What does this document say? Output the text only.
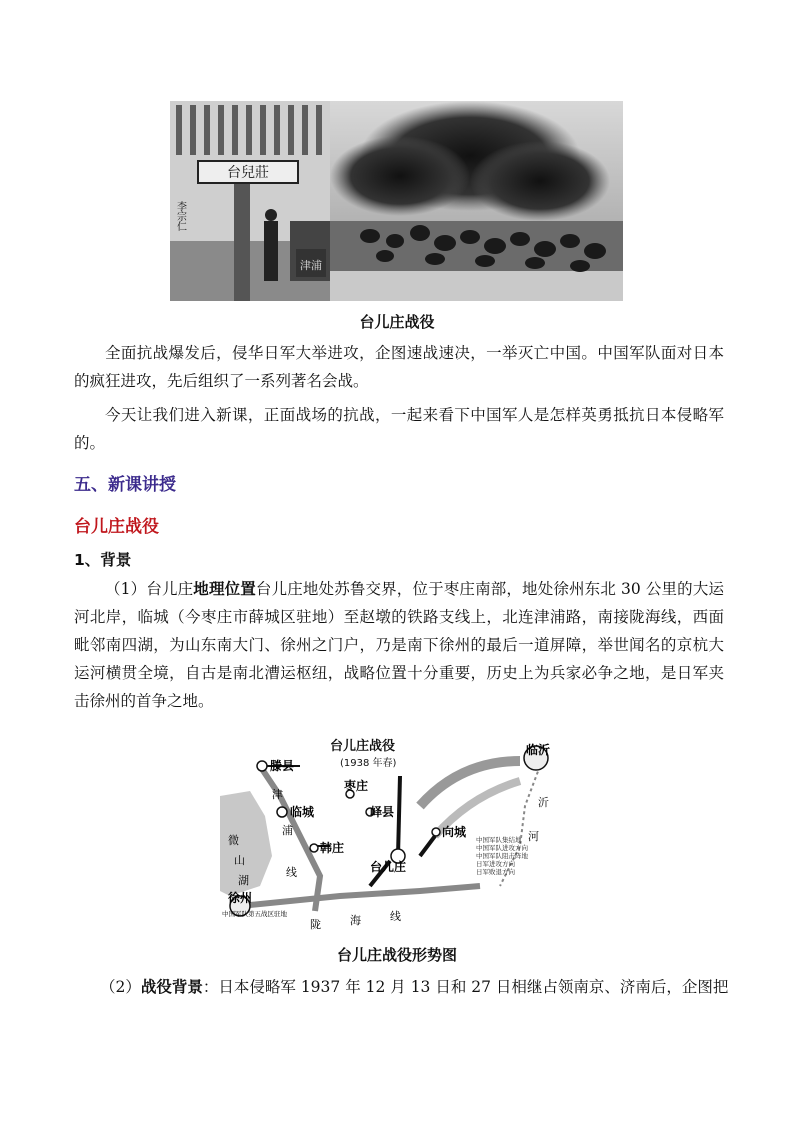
台兒莊
津浦
李宗仁
台儿庄战役

全面抗战爆发后，侵华日军大举进攻，企图速战速决，一举灭亡中国。中国军队面对日本的疯狂进攻，先后组织了一系列著名会战。

今天让我们进入新课，正面战场的抗战，一起来看下中国军人是怎样英勇抵抗日本侵略军的。

五、新课讲授
台儿庄战役
1、背景

（1）台儿庄地理位置台儿庄地处苏鲁交界，位于枣庄南部，地处徐州东北 30 公里的大运河北岸，临城（今枣庄市薛城区驻地）至赵墩的铁路支线上，北连津浦路，南接陇海线，西面毗邻南四湖，为山东南大门、徐州之门户，乃是南下徐州的最后一道屏障，举世闻名的京杭大运河横贯全境，自古是南北漕运枢纽，战略位置十分重要，历史上为兵家必争之地，是日军夹击徐州的首争之地。

台儿庄战役
(1938 年春)
滕县
临城
枣庄
峄县
韩庄
台儿庄
向城
临沂
徐州
微
山
湖
津
浦
线
陇	海	线
沂
河
中国军队集结地
中国军队进攻方向
中国军队阻击阵地
日军进攻方向
日军败退方向
中国军队第五战区驻地
台儿庄战役形势图

（2）战役背景：日本侵略军 1937 年 12 月 13 日和 27 日相继占领南京、济南后，企图把
